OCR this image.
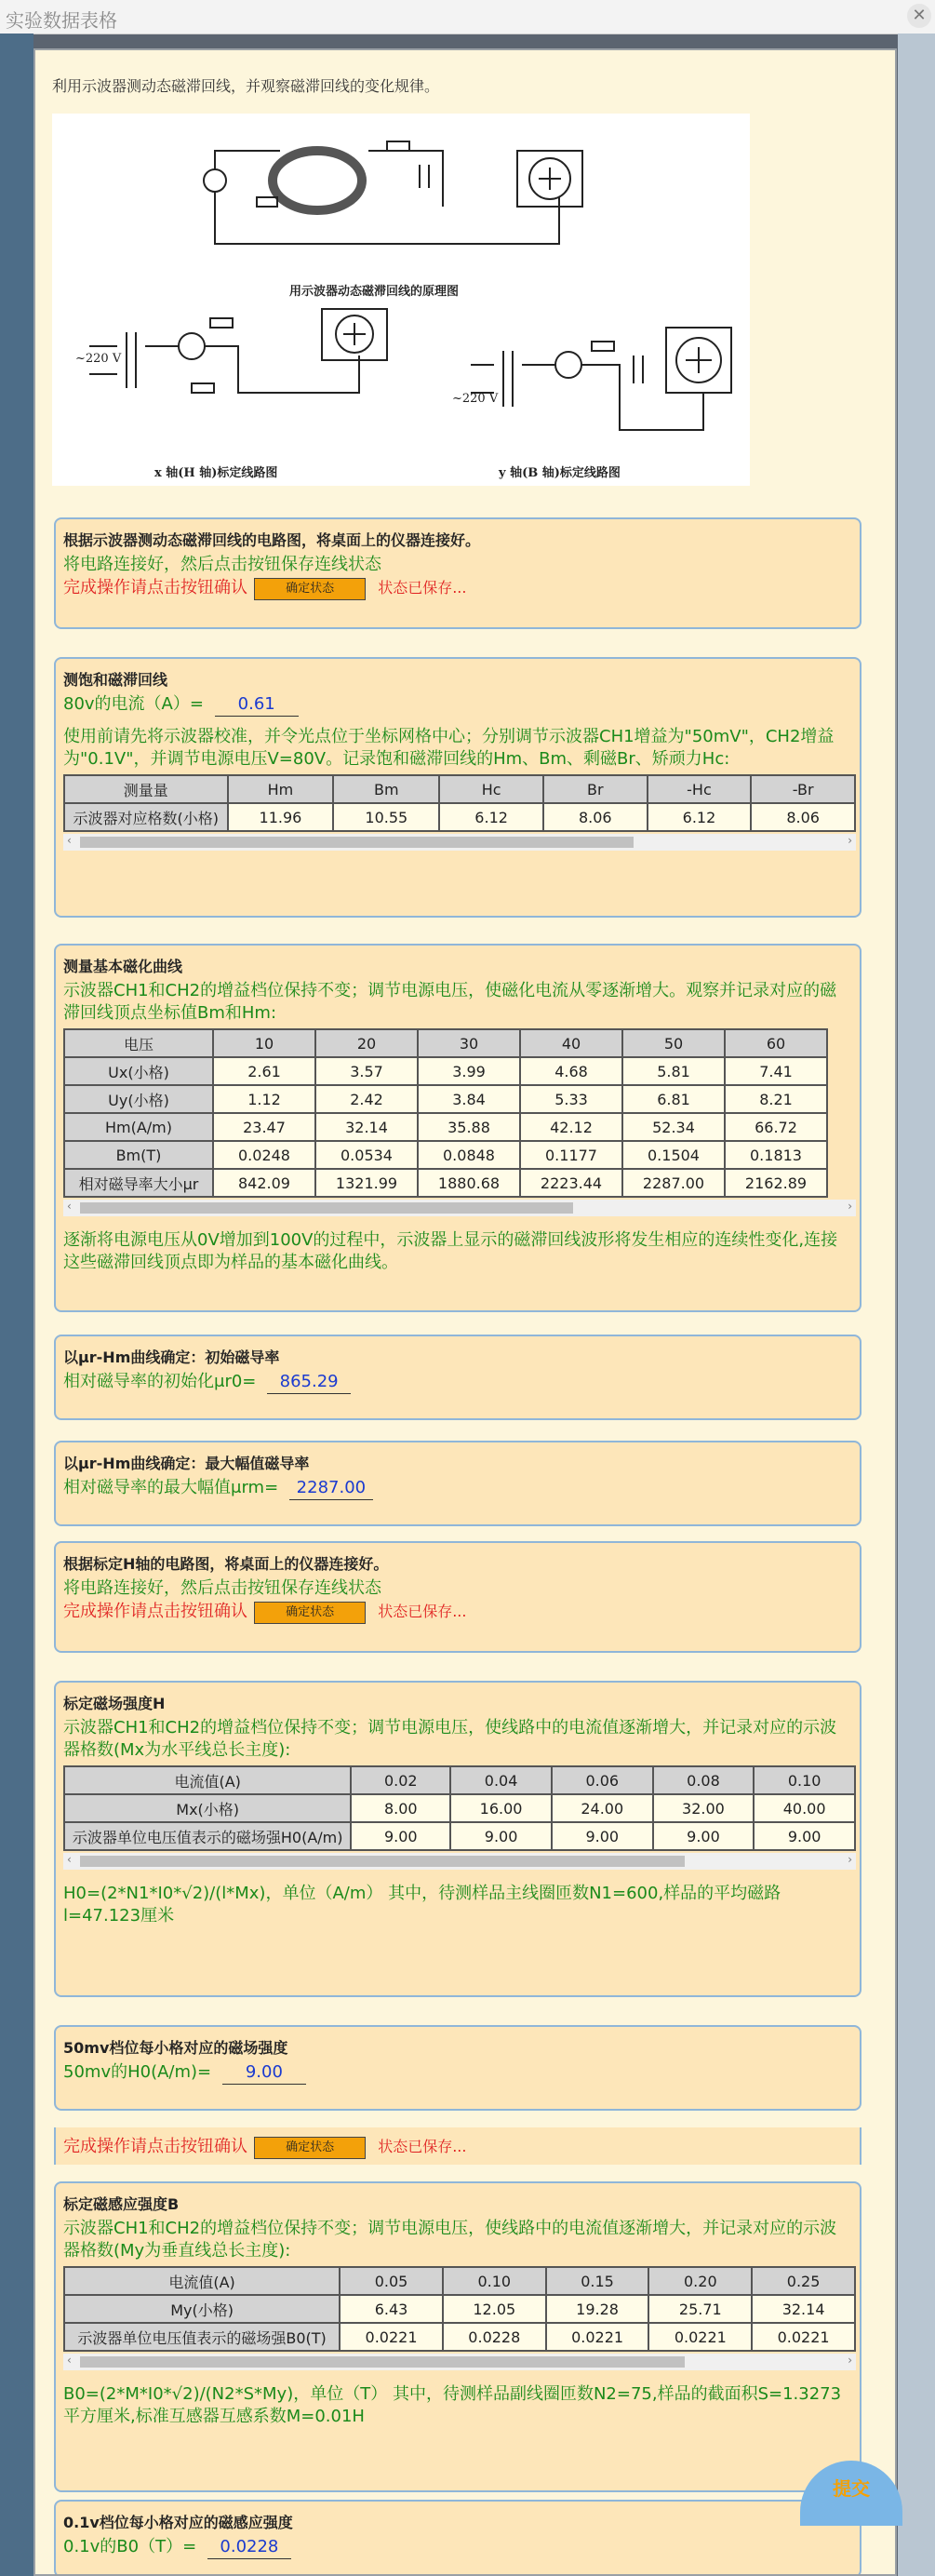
实验数据表格	✕
利用示波器测动态磁滞回线，并观察磁滞回线的变化规律。
用示波器动态磁滞回线的原理图
~220 V
~220 V
x 轴(H 轴)标定线路图	y 轴(B 轴)标定线路图
根据示波器测动态磁滞回线的电路图，将桌面上的仪器连接好。
将电路连接好，然后点击按钮保存连线状态
完成操作请点击按钮确认	确定状态	状态已保存...
测饱和磁滞回线
80v的电流（A）= 0.61
使用前请先将示波器校准，并令光点位于坐标网格中心；分别调节示波器CH1增益为"50mV"，CH2增益为"0.1V"，并调节电源电压V=80V。记录饱和磁滞回线的Hm、Bm、剩磁Br、矫顽力Hc:
测量量	Hm	Bm	Hc	Br	-Hc	-Br
示波器对应格数(小格)	11.96	10.55	6.12	8.06	6.12	8.06
‹	›
测量基本磁化曲线
示波器CH1和CH2的增益档位保持不变；调节电源电压，使磁化电流从零逐渐增大。观察并记录对应的磁滞回线顶点坐标值Bm和Hm:
电压	10	20	30	40	50	60
Ux(小格)	2.61	3.57	3.99	4.68	5.81	7.41
Uy(小格)	1.12	2.42	3.84	5.33	6.81	8.21
Hm(A/m)	23.47	32.14	35.88	42.12	52.34	66.72
Bm(T)	0.0248	0.0534	0.0848	0.1177	0.1504	0.1813
相对磁导率大小μr	842.09	1321.99	1880.68	2223.44	2287.00	2162.89
‹	›
逐渐将电源电压从0V增加到100V的过程中，示波器上显示的磁滞回线波形将发生相应的连续性变化,连接这些磁滞回线顶点即为样品的基本磁化曲线。
以μr-Hm曲线确定：初始磁导率
相对磁导率的初始化μr0= 865.29
以μr-Hm曲线确定：最大幅值磁导率
相对磁导率的最大幅值μrm= 2287.00
根据标定H轴的电路图，将桌面上的仪器连接好。
将电路连接好，然后点击按钮保存连线状态
完成操作请点击按钮确认	确定状态	状态已保存...
标定磁场强度H
示波器CH1和CH2的增益档位保持不变；调节电源电压，使线路中的电流值逐渐增大，并记录对应的示波器格数(Mx为水平线总长主度):
电流值(A)	0.02	0.04	0.06	0.08	0.10
Mx(小格)	8.00	16.00	24.00	32.00	40.00
示波器单位电压值表示的磁场强H0(A/m)	9.00	9.00	9.00	9.00	9.00
‹	›
H0=(2*N1*I0*√2)/(l*Mx)，单位（A/m） 其中，待测样品主线圈匝数N1=600,样品的平均磁路l=47.123厘米
50mv档位每小格对应的磁场强度
50mv的H0(A/m)= 9.00
完成操作请点击按钮确认	确定状态	状态已保存...
标定磁感应强度B
示波器CH1和CH2的增益档位保持不变；调节电源电压，使线路中的电流值逐渐增大，并记录对应的示波器格数(My为垂直线总长主度):
电流值(A)	0.05	0.10	0.15	0.20	0.25
My(小格)	6.43	12.05	19.28	25.71	32.14
示波器单位电压值表示的磁场强B0(T)	0.0221	0.0228	0.0221	0.0221	0.0221
‹	›
B0=(2*M*I0*√2)/(N2*S*My)，单位（T） 其中，待测样品副线圈匝数N2=75,样品的截面积S=1.3273平方厘米,标准互感器互感系数M=0.01H
0.1v档位每小格对应的磁感应强度
0.1v的B0（T）= 0.0228
提交
